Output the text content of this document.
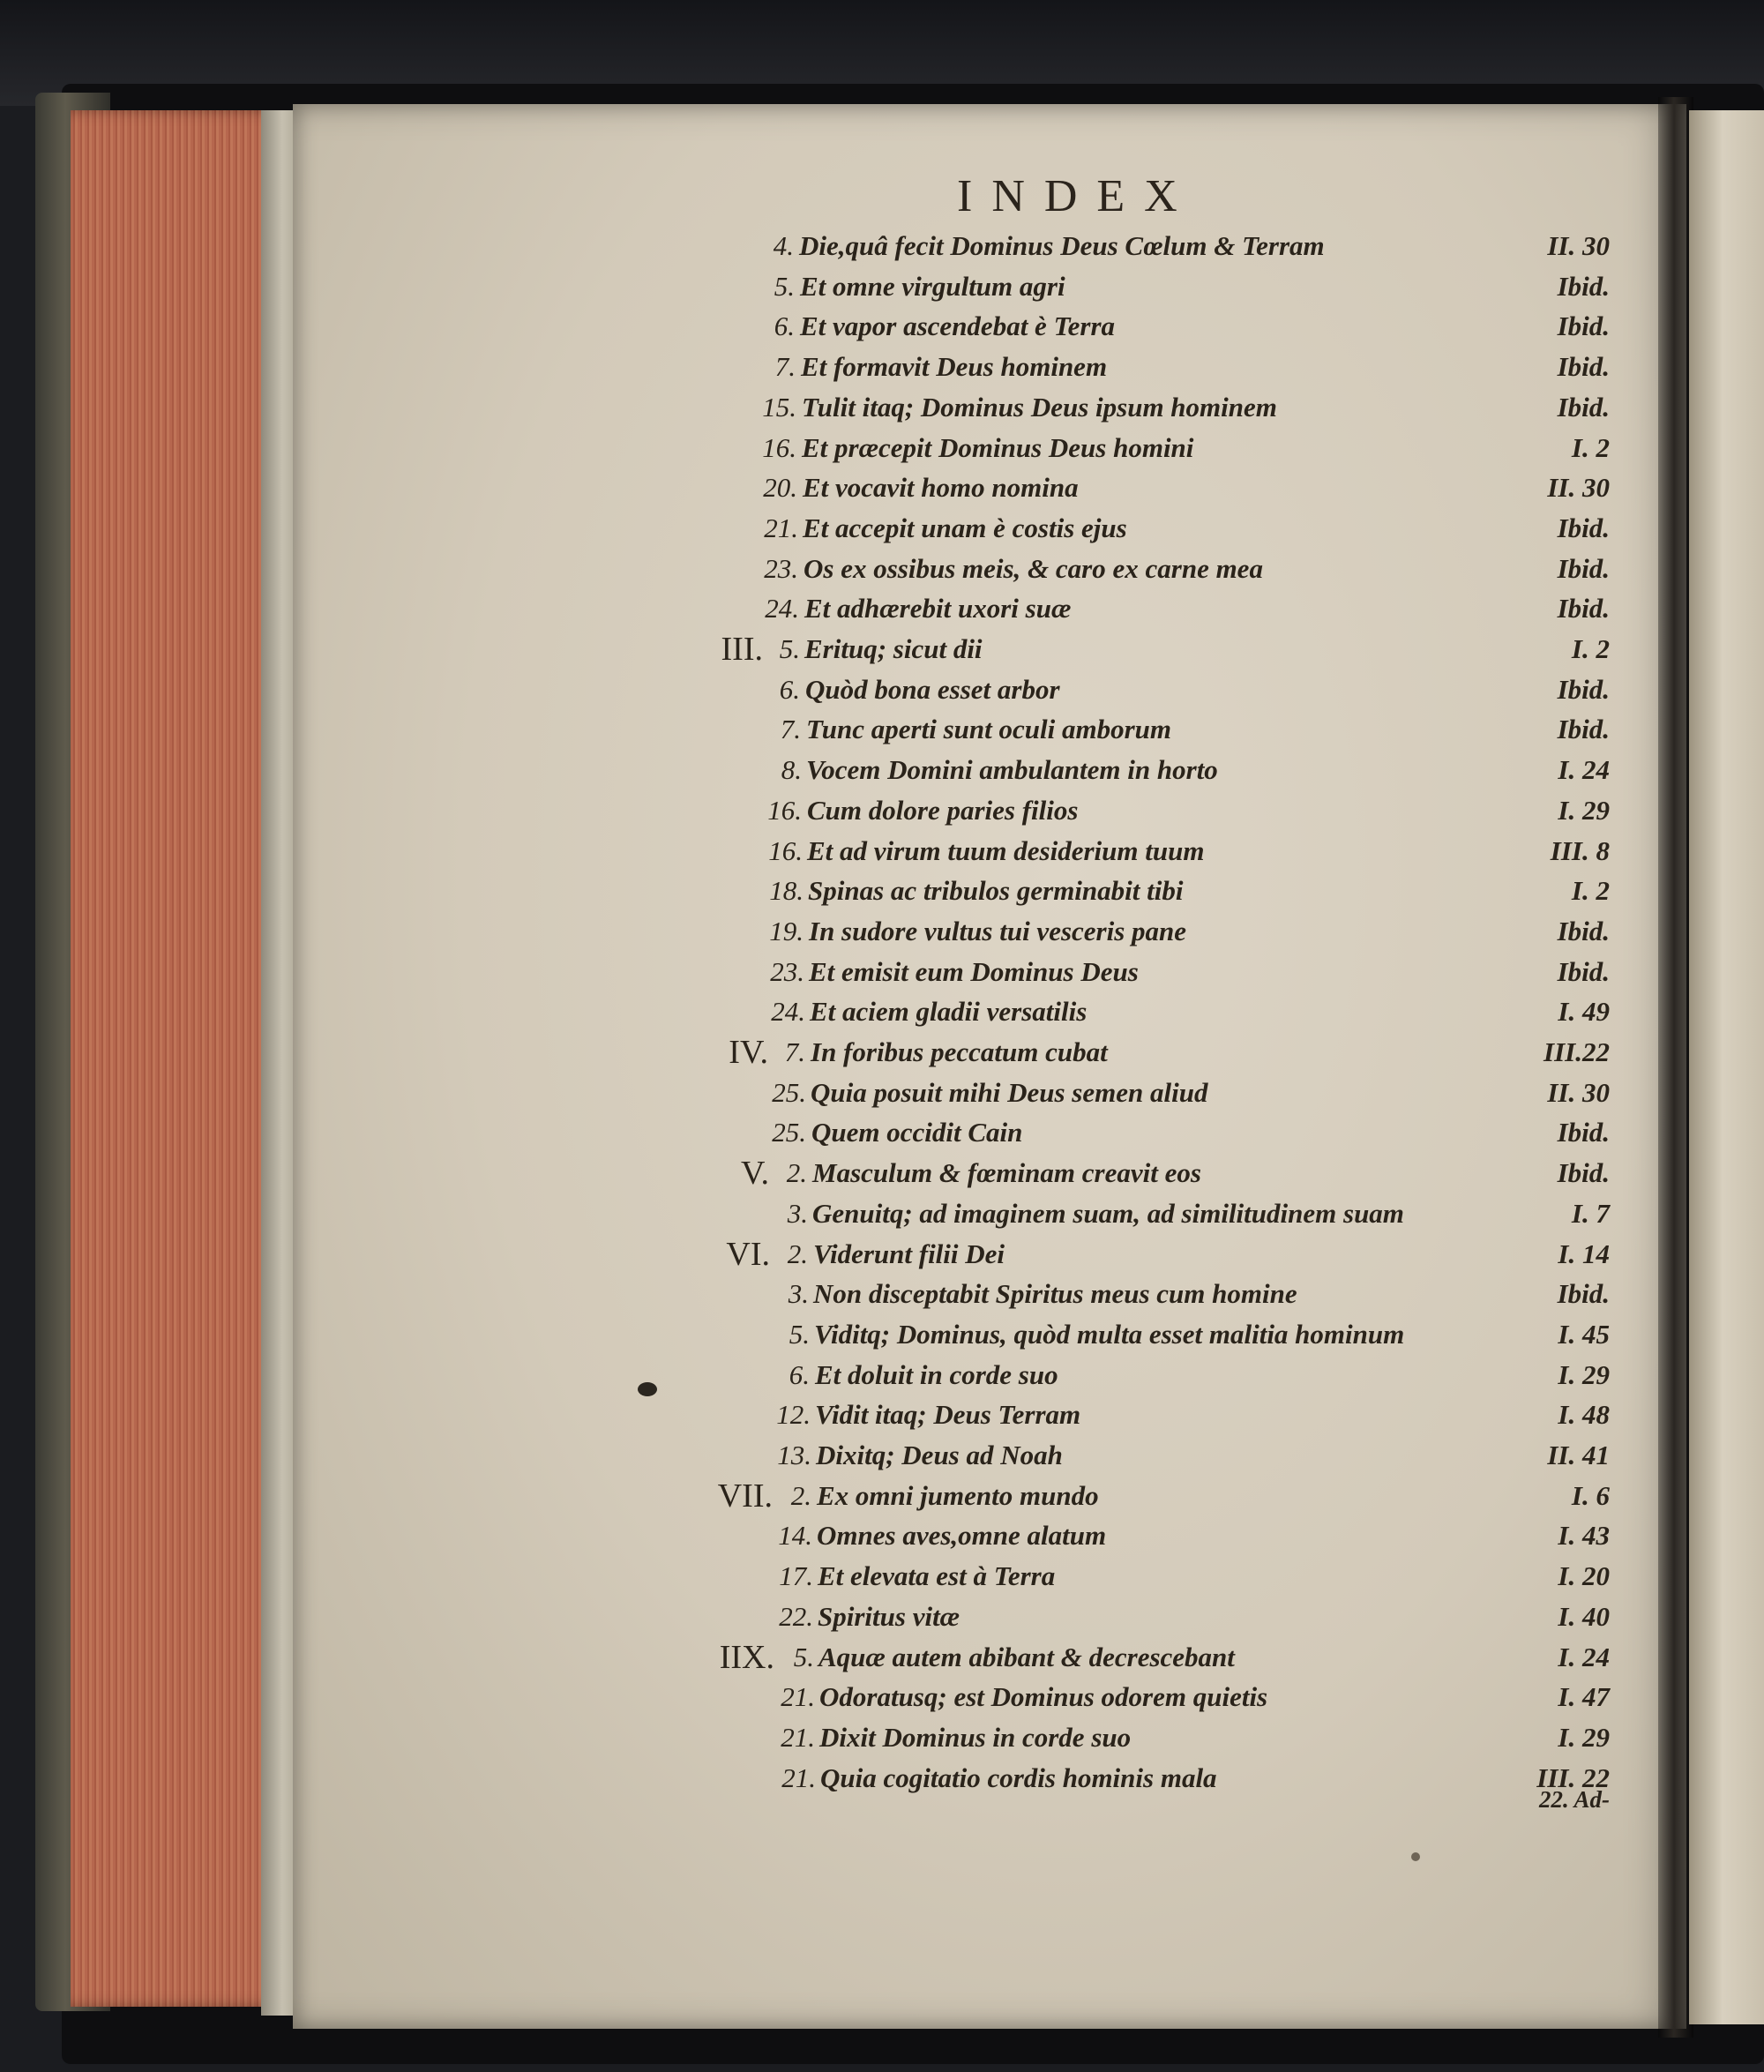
INDEX
4. Die,quâ fecit Dominus Deus Cœlum & Terram	II. 30
5. Et omne virgultum agri	Ibid.
6. Et vapor ascendebat è Terra	Ibid.
7. Et formavit Deus hominem	Ibid.
15. Tulit itaq; Dominus Deus ipsum hominem	Ibid.
16. Et præcepit Dominus Deus homini	I. 2
20. Et vocavit homo nomina	II. 30
21. Et accepit unam è costis ejus	Ibid.
23. Os ex ossibus meis, & caro ex carne mea	Ibid.
24. Et adhærebit uxori suæ	Ibid.
III. 5. Erituq; sicut dii	I. 2
6. Quòd bona esset arbor	Ibid.
7. Tunc aperti sunt oculi amborum	Ibid.
8. Vocem Domini ambulantem in horto	I. 24
16. Cum dolore paries filios	I. 29
16. Et ad virum tuum desiderium tuum	III. 8
18. Spinas ac tribulos germinabit tibi	I. 2
19. In sudore vultus tui vesceris pane	Ibid.
23. Et emisit eum Dominus Deus	Ibid.
24. Et aciem gladii versatilis	I. 49
IV. 7. In foribus peccatum cubat	III.22
25. Quia posuit mihi Deus semen aliud	II. 30
25. Quem occidit Cain	Ibid.
V. 2. Masculum & fœminam creavit eos	Ibid.
3. Genuitq; ad imaginem suam, ad similitudinem suam	I. 7
VI. 2. Viderunt filii Dei	I. 14
3. Non disceptabit Spiritus meus cum homine	Ibid.
5. Viditq; Dominus, quòd multa esset malitia hominum	I. 45
6. Et doluit in corde suo	I. 29
12. Vidit itaq; Deus Terram	I. 48
13. Dixitq; Deus ad Noah	II. 41
VII. 2. Ex omni jumento mundo	I. 6
14. Omnes aves,omne alatum	I. 43
17. Et elevata est à Terra	I. 20
22. Spiritus vitæ	I. 40
IIX. 5. Aquæ autem abibant & decrescebant	I. 24
21. Odoratusq; est Dominus odorem quietis	I. 47
21. Dixit Dominus in corde suo	I. 29
21. Quia cogitatio cordis hominis mala	III. 22
22. Ad-
